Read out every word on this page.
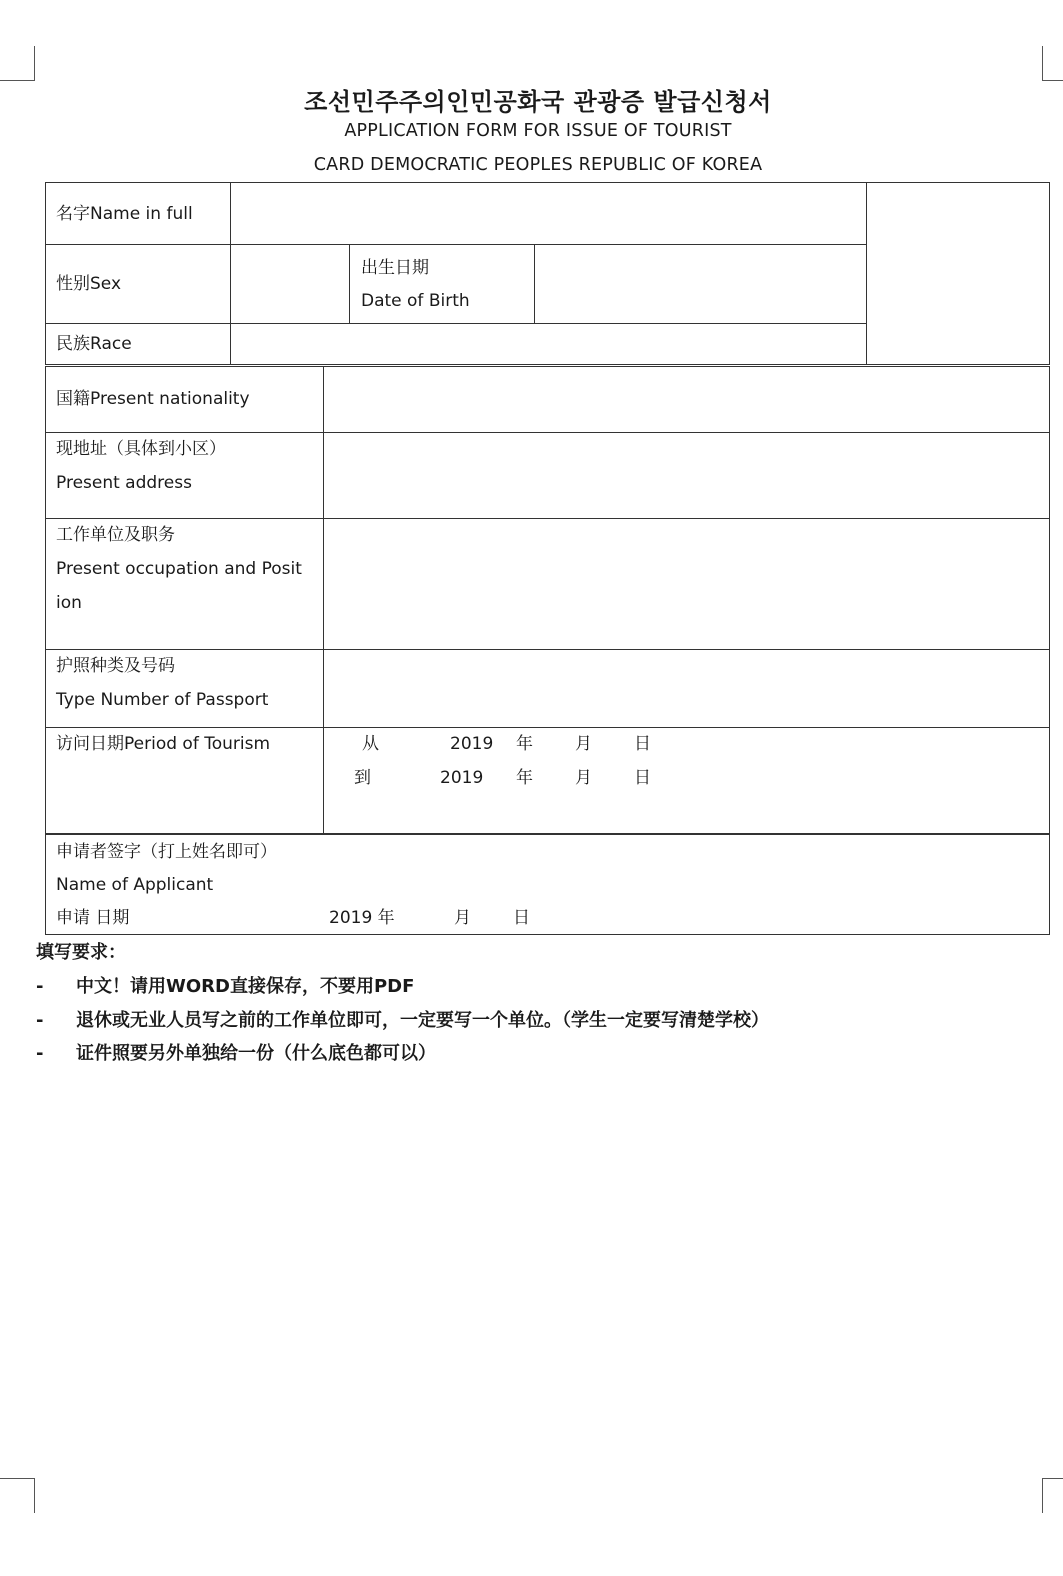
조선민주주의인민공화국 관광증 발급신청서
APPLICATION FORM FOR ISSUE OF TOURIST
CARD DEMOCRATIC PEOPLES REPUBLIC OF KOREA
名字Name in full
性别Sex
出生日期
Date of Birth
民族Race
国籍Present nationality
现地址（具体到小区）
Present address
工作单位及职务
Present occupation and Posit
ion
护照种类及号码
Type Number of Passport
访问日期Period of Tourism	从	2019 年 月 日
到	2019 年 月 日
申请者签字（打上姓名即可）
Name of Applicant
申请 日期	2019 年	月 日
填写要求：
- 中文！请用WORD直接保存，不要用PDF
- 退休或无业人员写之前的工作单位即可，一定要写一个单位。（学生一定要写清楚学校）
- 证件照要另外单独给一份（什么底色都可以）
